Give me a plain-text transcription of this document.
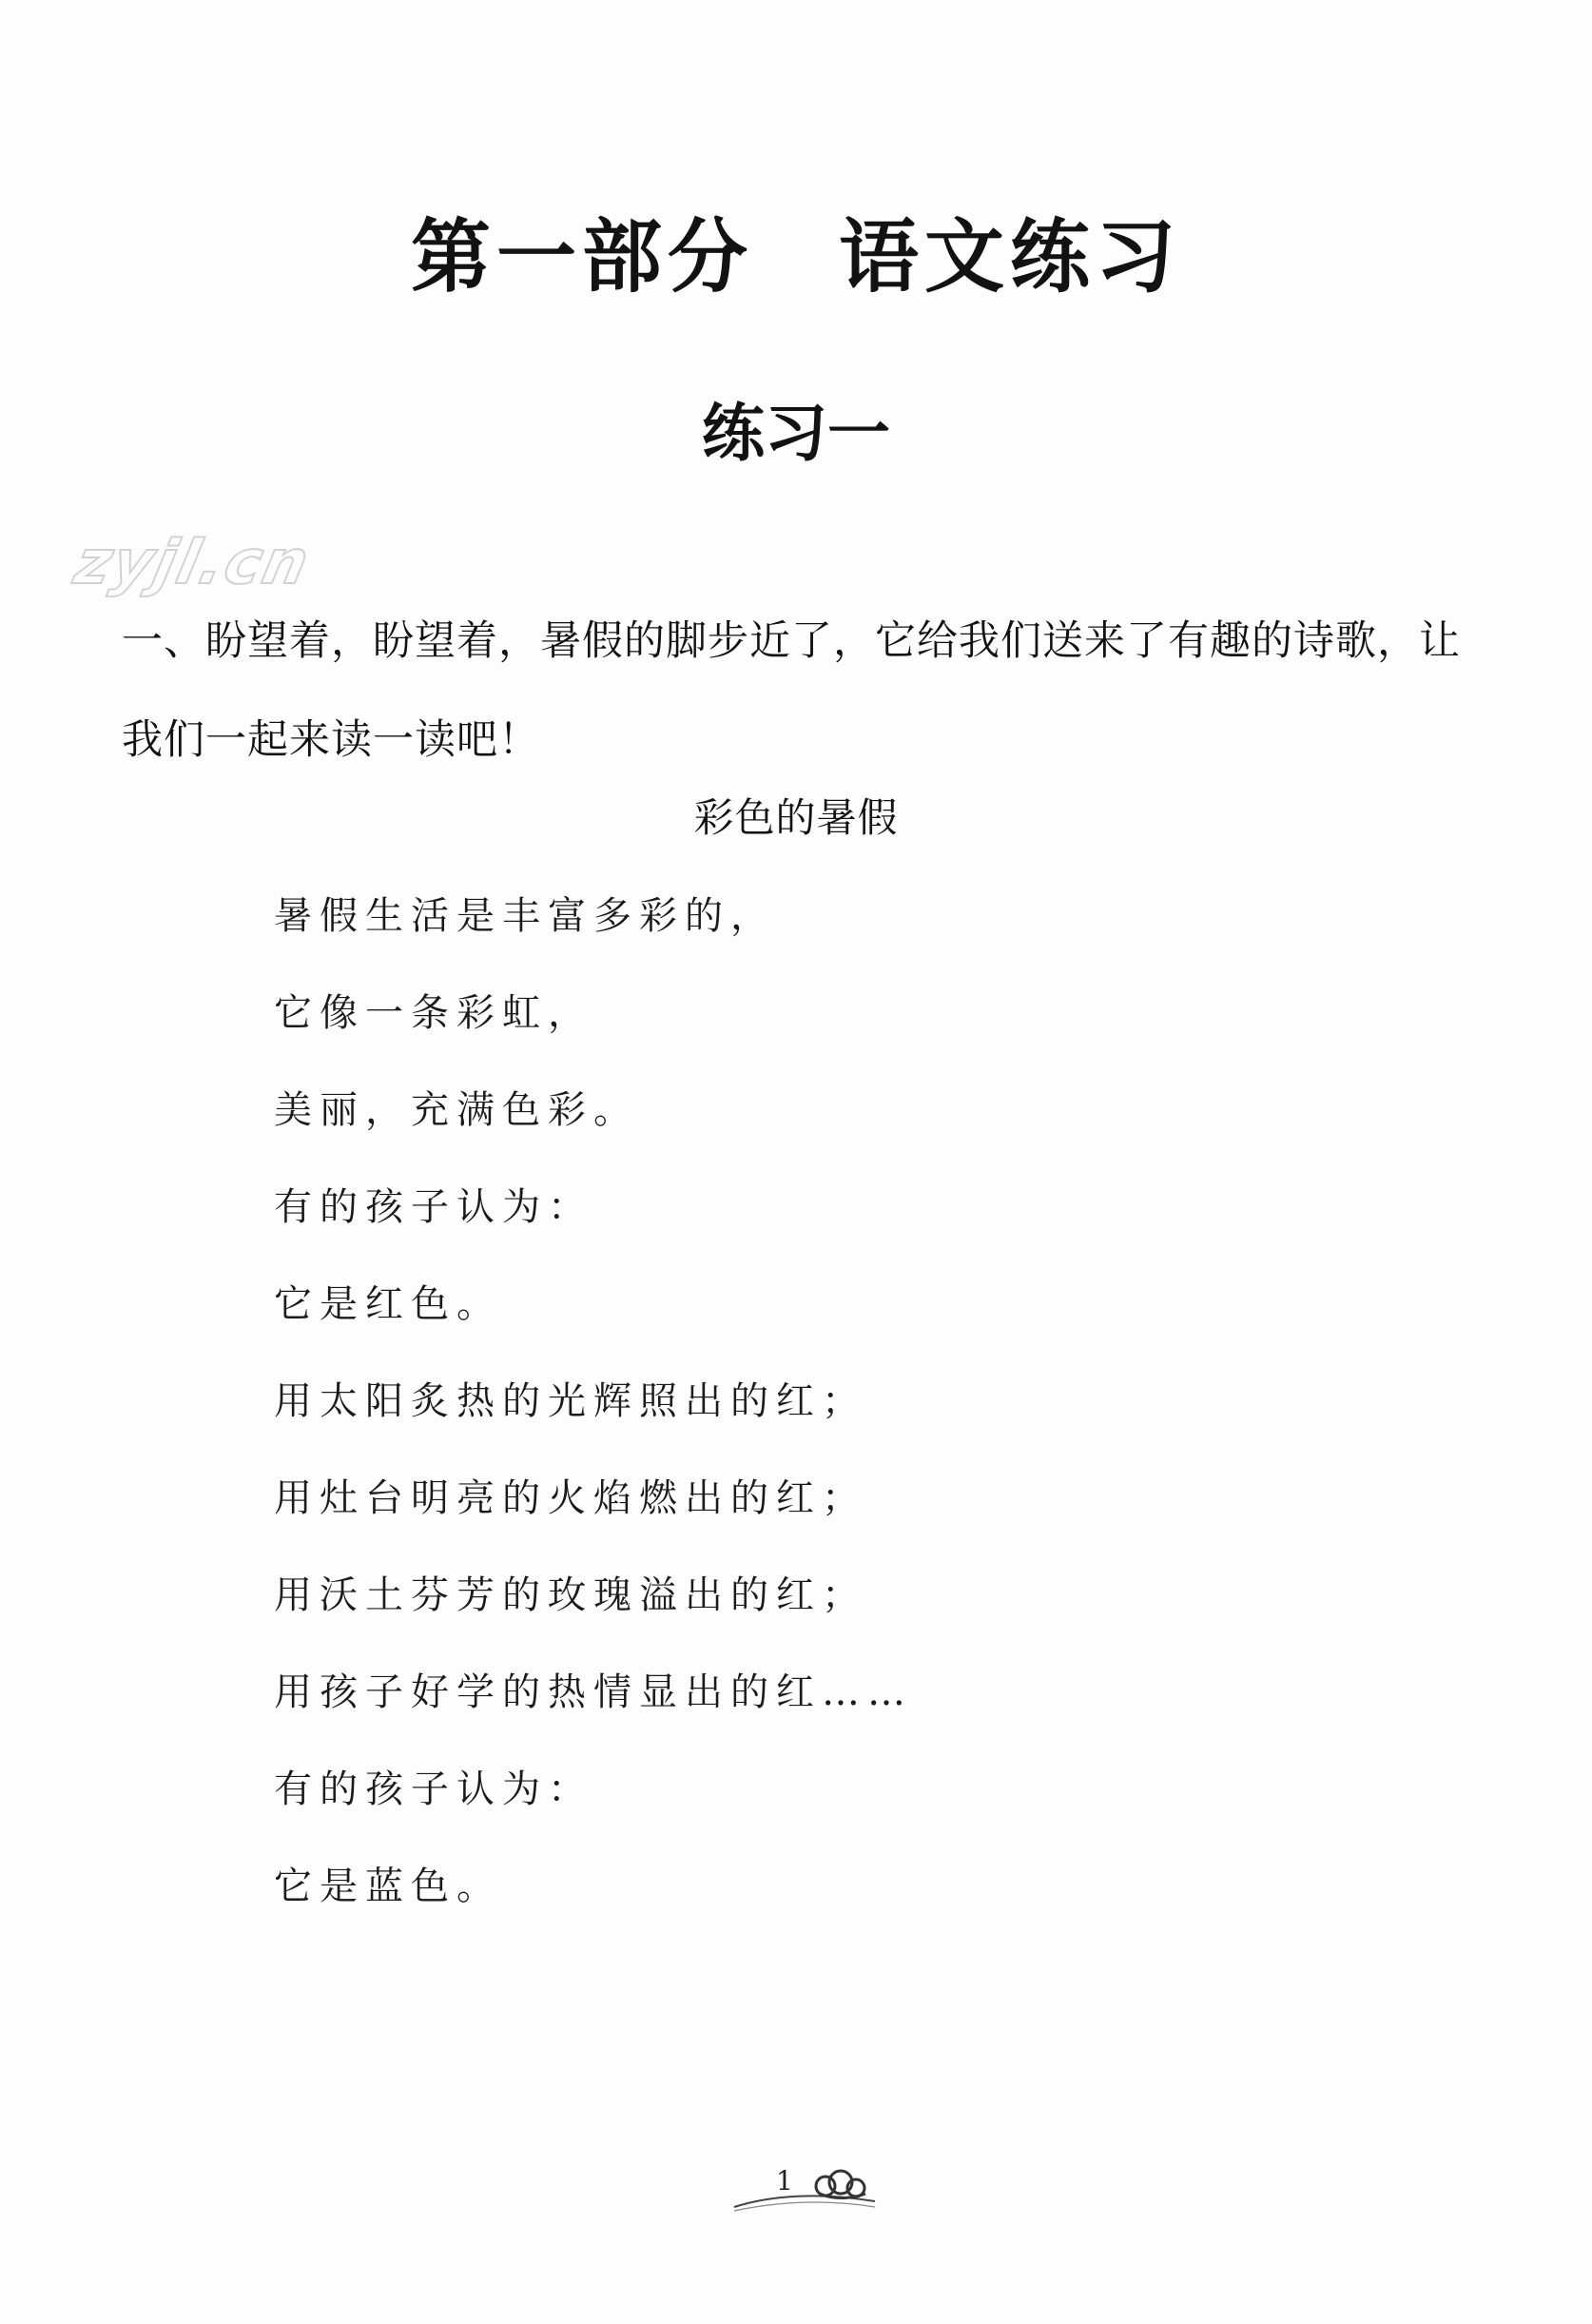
第一部分　语文练习
练习一
zyjl.cn
一、盼望着，盼望着，暑假的脚步近了，它给我们送来了有趣的诗歌，让我们一起来读一读吧！
彩色的暑假
暑假生活是丰富多彩的，
它像一条彩虹，
美丽，充满色彩。
有的孩子认为：
它是红色。
用太阳炙热的光辉照出的红；
用灶台明亮的火焰燃出的红；
用沃土芬芳的玫瑰溢出的红；
用孩子好学的热情显出的红……
有的孩子认为：
它是蓝色。
1
